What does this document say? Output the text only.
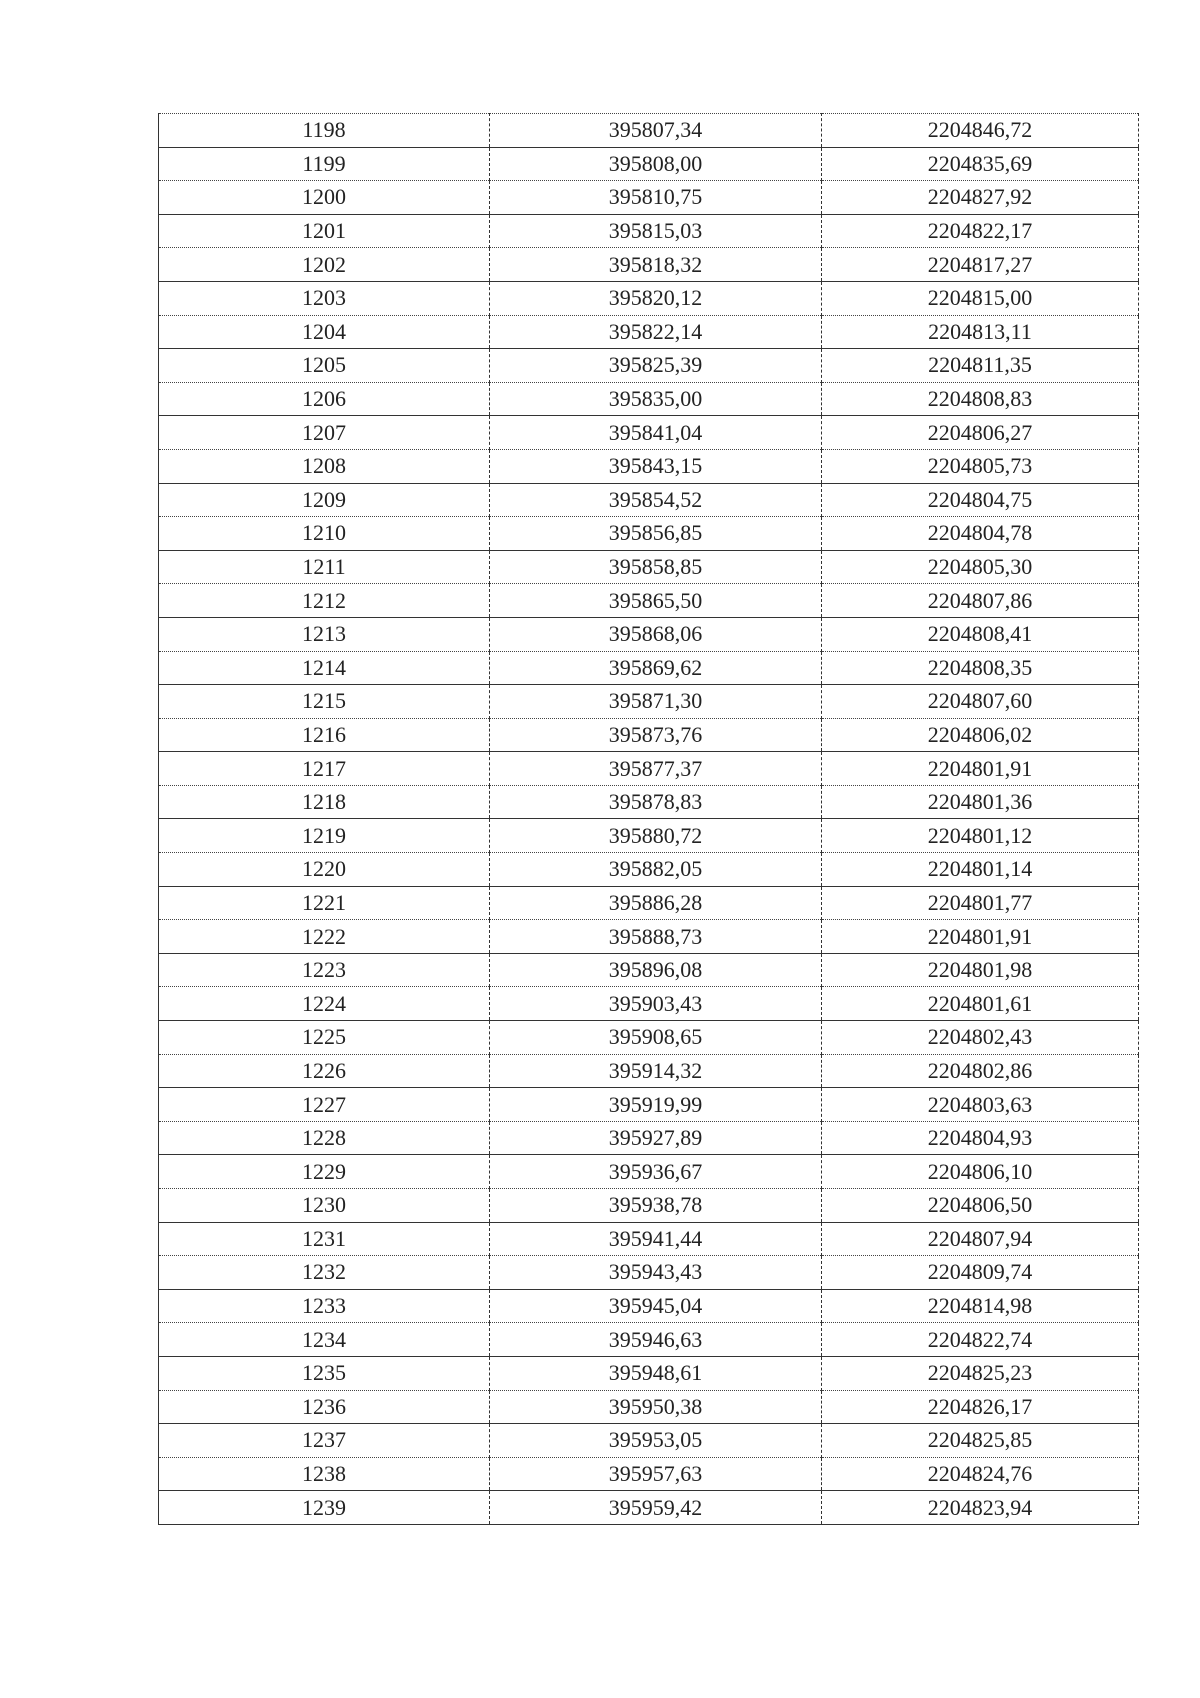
1198	395807,34	2204846,72
1199	395808,00	2204835,69
1200	395810,75	2204827,92
1201	395815,03	2204822,17
1202	395818,32	2204817,27
1203	395820,12	2204815,00
1204	395822,14	2204813,11
1205	395825,39	2204811,35
1206	395835,00	2204808,83
1207	395841,04	2204806,27
1208	395843,15	2204805,73
1209	395854,52	2204804,75
1210	395856,85	2204804,78
1211	395858,85	2204805,30
1212	395865,50	2204807,86
1213	395868,06	2204808,41
1214	395869,62	2204808,35
1215	395871,30	2204807,60
1216	395873,76	2204806,02
1217	395877,37	2204801,91
1218	395878,83	2204801,36
1219	395880,72	2204801,12
1220	395882,05	2204801,14
1221	395886,28	2204801,77
1222	395888,73	2204801,91
1223	395896,08	2204801,98
1224	395903,43	2204801,61
1225	395908,65	2204802,43
1226	395914,32	2204802,86
1227	395919,99	2204803,63
1228	395927,89	2204804,93
1229	395936,67	2204806,10
1230	395938,78	2204806,50
1231	395941,44	2204807,94
1232	395943,43	2204809,74
1233	395945,04	2204814,98
1234	395946,63	2204822,74
1235	395948,61	2204825,23
1236	395950,38	2204826,17
1237	395953,05	2204825,85
1238	395957,63	2204824,76
1239	395959,42	2204823,94
